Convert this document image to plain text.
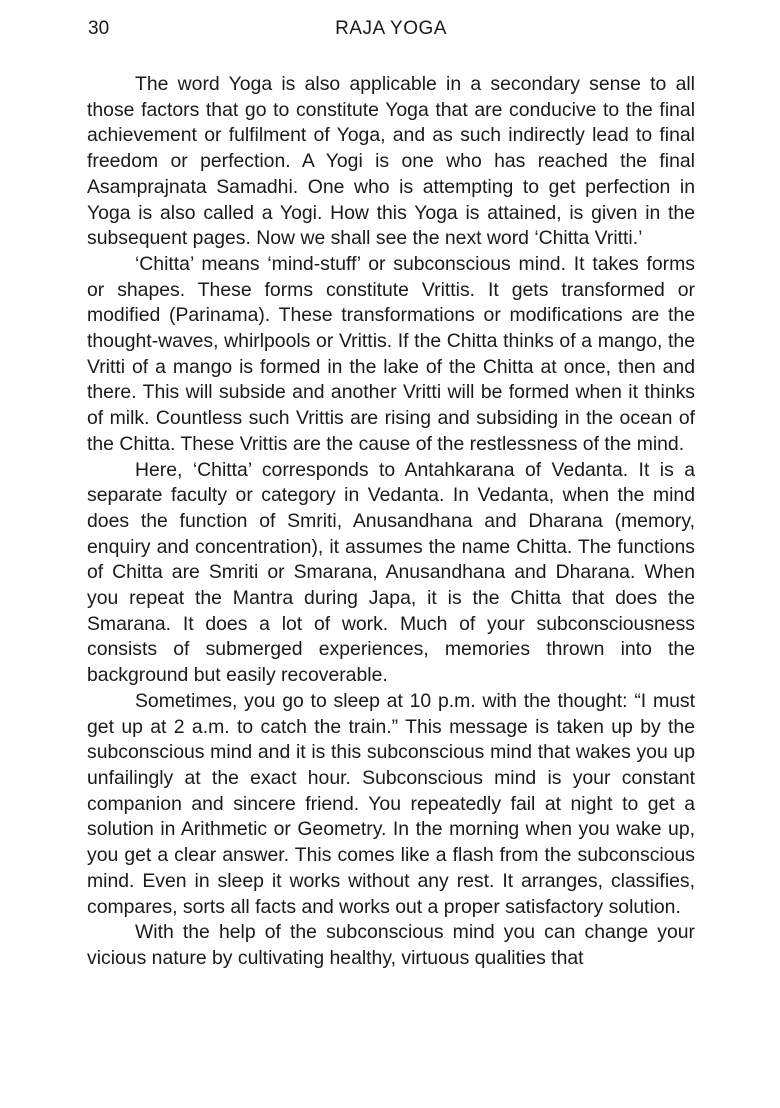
30	RAJA YOGA

The word Yoga is also applicable in a secondary sense to all those factors that go to constitute Yoga that are conducive to the final achievement or fulfilment of Yoga, and as such indirectly lead to final freedom or perfection. A Yogi is one who has reached the final Asamprajnata Samadhi. One who is attempting to get perfection in Yoga is also called a Yogi. How this Yoga is attained, is given in the subsequent pages. Now we shall see the next word ‘Chitta Vritti.’

‘Chitta’ means ‘mind-stuff’ or subconscious mind. It takes forms or shapes. These forms constitute Vrittis. It gets transformed or modified (Parinama). These transformations or modifications are the thought-waves, whirlpools or Vrittis. If the Chitta thinks of a mango, the Vritti of a mango is formed in the lake of the Chitta at once, then and there. This will subside and another Vritti will be formed when it thinks of milk. Countless such Vrittis are rising and subsiding in the ocean of the Chitta. These Vrittis are the cause of the restlessness of the mind.

Here, ‘Chitta’ corresponds to Antahkarana of Vedanta. It is a separate faculty or category in Vedanta. In Vedanta, when the mind does the function of Smriti, Anusandhana and Dharana (memory, enquiry and concentration), it assumes the name Chitta. The functions of Chitta are Smriti or Smarana, Anusandhana and Dharana. When you repeat the Mantra during Japa, it is the Chitta that does the Smarana. It does a lot of work. Much of your subconsciousness consists of submerged experiences, memories thrown into the background but easily recoverable.

Sometimes, you go to sleep at 10 p.m. with the thought: “I must get up at 2 a.m. to catch the train.” This message is taken up by the subconscious mind and it is this subconscious mind that wakes you up unfailingly at the exact hour. Subconscious mind is your constant companion and sincere friend. You repeatedly fail at night to get a solution in Arithmetic or Geometry. In the morning when you wake up, you get a clear answer. This comes like a flash from the subconscious mind. Even in sleep it works without any rest. It arranges, classifies, compares, sorts all facts and works out a proper satisfactory solution.

With the help of the subconscious mind you can change your vicious nature by cultivating healthy, virtuous qualities that
